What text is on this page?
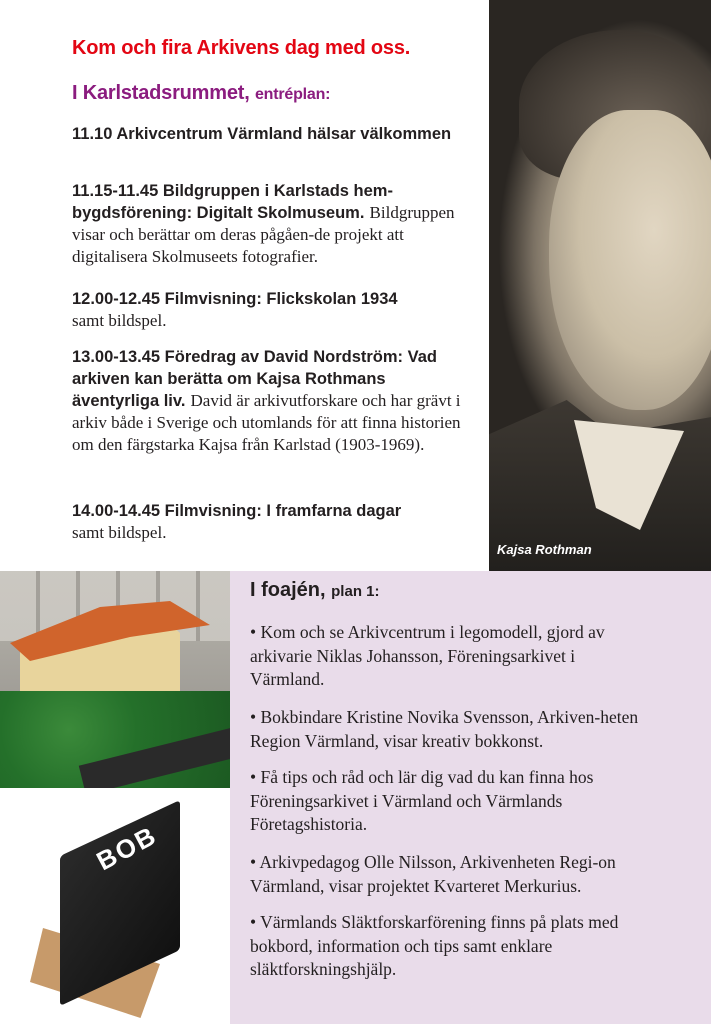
Kom och fira Arkivens dag med oss.
I Karlstadsrummet, entréplan:
11.10 Arkivcentrum Värmland hälsar välkommen
11.15-11.45 Bildgruppen i Karlstads hem-bygdsförening: Digitalt Skolmuseum. Bildgruppen visar och berättar om deras pågåen-de projekt att digitalisera Skolmuseets fotografier.
12.00-12.45 Filmvisning: Flickskolan 1934
samt bildspel.
13.00-13.45 Föredrag av David Nordström: Vad arkiven kan berätta om Kajsa Rothmans äventyrliga liv. David är arkivutforskare och har grävt i arkiv både i Sverige och utomlands för att finna historien om den färgstarka Kajsa från Karlstad (1903-1969).
14.00-14.45 Filmvisning: I framfarna dagar
samt bildspel.
Kajsa Rothman
BOB
I foajén, plan 1:
• Kom och se Arkivcentrum i legomodell, gjord av arkivarie Niklas Johansson, Föreningsarkivet i Värmland.
• Bokbindare Kristine Novika Svensson, Arkiven-heten Region Värmland, visar kreativ bokkonst.
• Få tips och råd och lär dig vad du kan finna hos Föreningsarkivet i Värmland och Värmlands Företagshistoria.
• Arkivpedagog Olle Nilsson, Arkivenheten Regi-on Värmland, visar projektet Kvarteret Merkurius.
• Värmlands Släktforskarförening finns på plats med bokbord, information och tips samt enklare släktforskningshjälp.
